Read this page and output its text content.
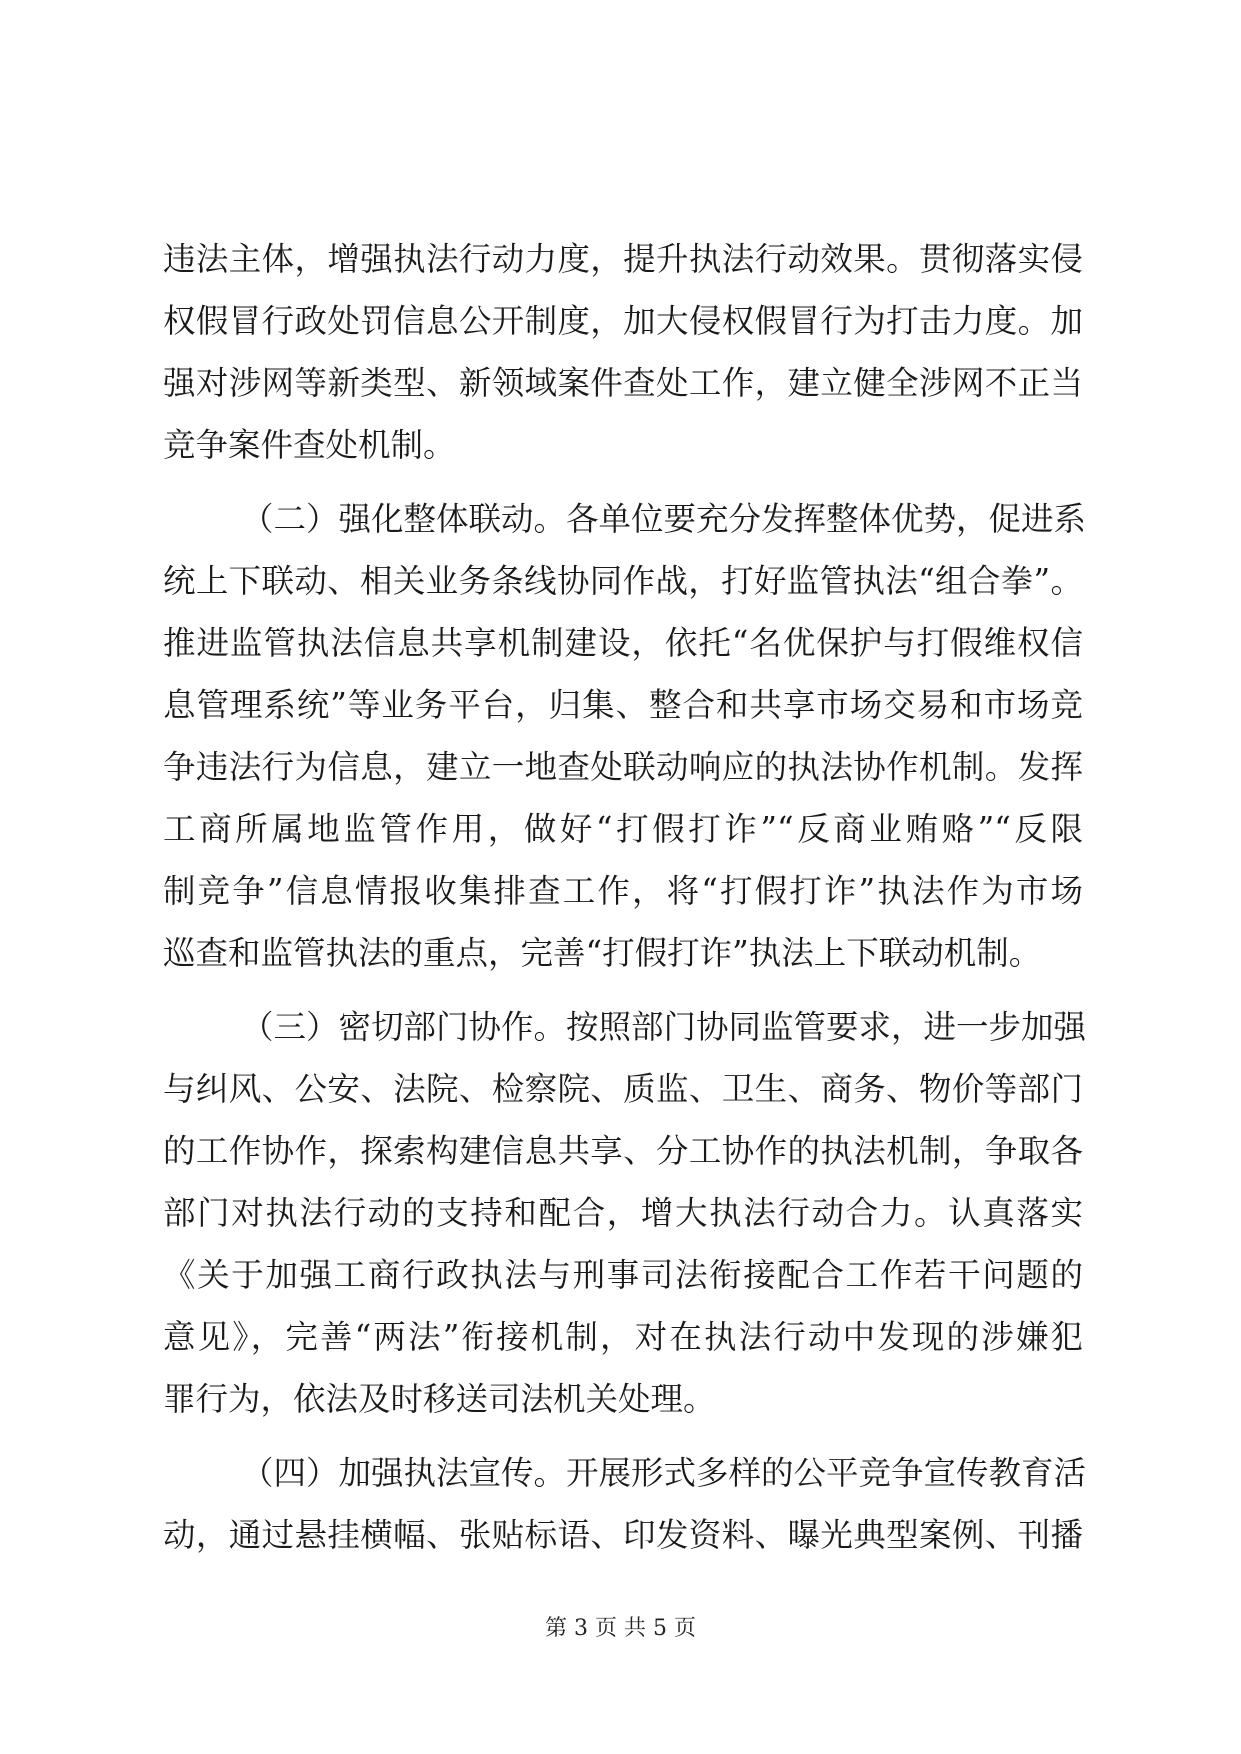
违法主体，增强执法行动力度，提升执法行动效果。贯彻落实侵
权假冒行政处罚信息公开制度，加大侵权假冒行为打击力度。加
强对涉网等新类型、新领域案件查处工作，建立健全涉网不正当
竞争案件查处机制。
（二）强化整体联动。各单位要充分发挥整体优势，促进系
统上下联动、相关业务条线协同作战，打好监管执法“组合拳”。
推进监管执法信息共享机制建设，依托“名优保护与打假维权信
息管理系统”等业务平台，归集、整合和共享市场交易和市场竞
争违法行为信息，建立一地查处联动响应的执法协作机制。发挥
工商所属地监管作用，做好“打假打诈”“反商业贿赂”“反限
制竞争”信息情报收集排查工作，将“打假打诈”执法作为市场
巡查和监管执法的重点，完善“打假打诈”执法上下联动机制。
（三）密切部门协作。按照部门协同监管要求，进一步加强
与纠风、公安、法院、检察院、质监、卫生、商务、物价等部门
的工作协作，探索构建信息共享、分工协作的执法机制，争取各
部门对执法行动的支持和配合，增大执法行动合力。认真落实
《关于加强工商行政执法与刑事司法衔接配合工作若干问题的
意见》，完善“两法”衔接机制，对在执法行动中发现的涉嫌犯
罪行为，依法及时移送司法机关处理。
（四）加强执法宣传。开展形式多样的公平竞争宣传教育活
动，通过悬挂横幅、张贴标语、印发资料、曝光典型案例、刊播
第 3 页 共 5 页
